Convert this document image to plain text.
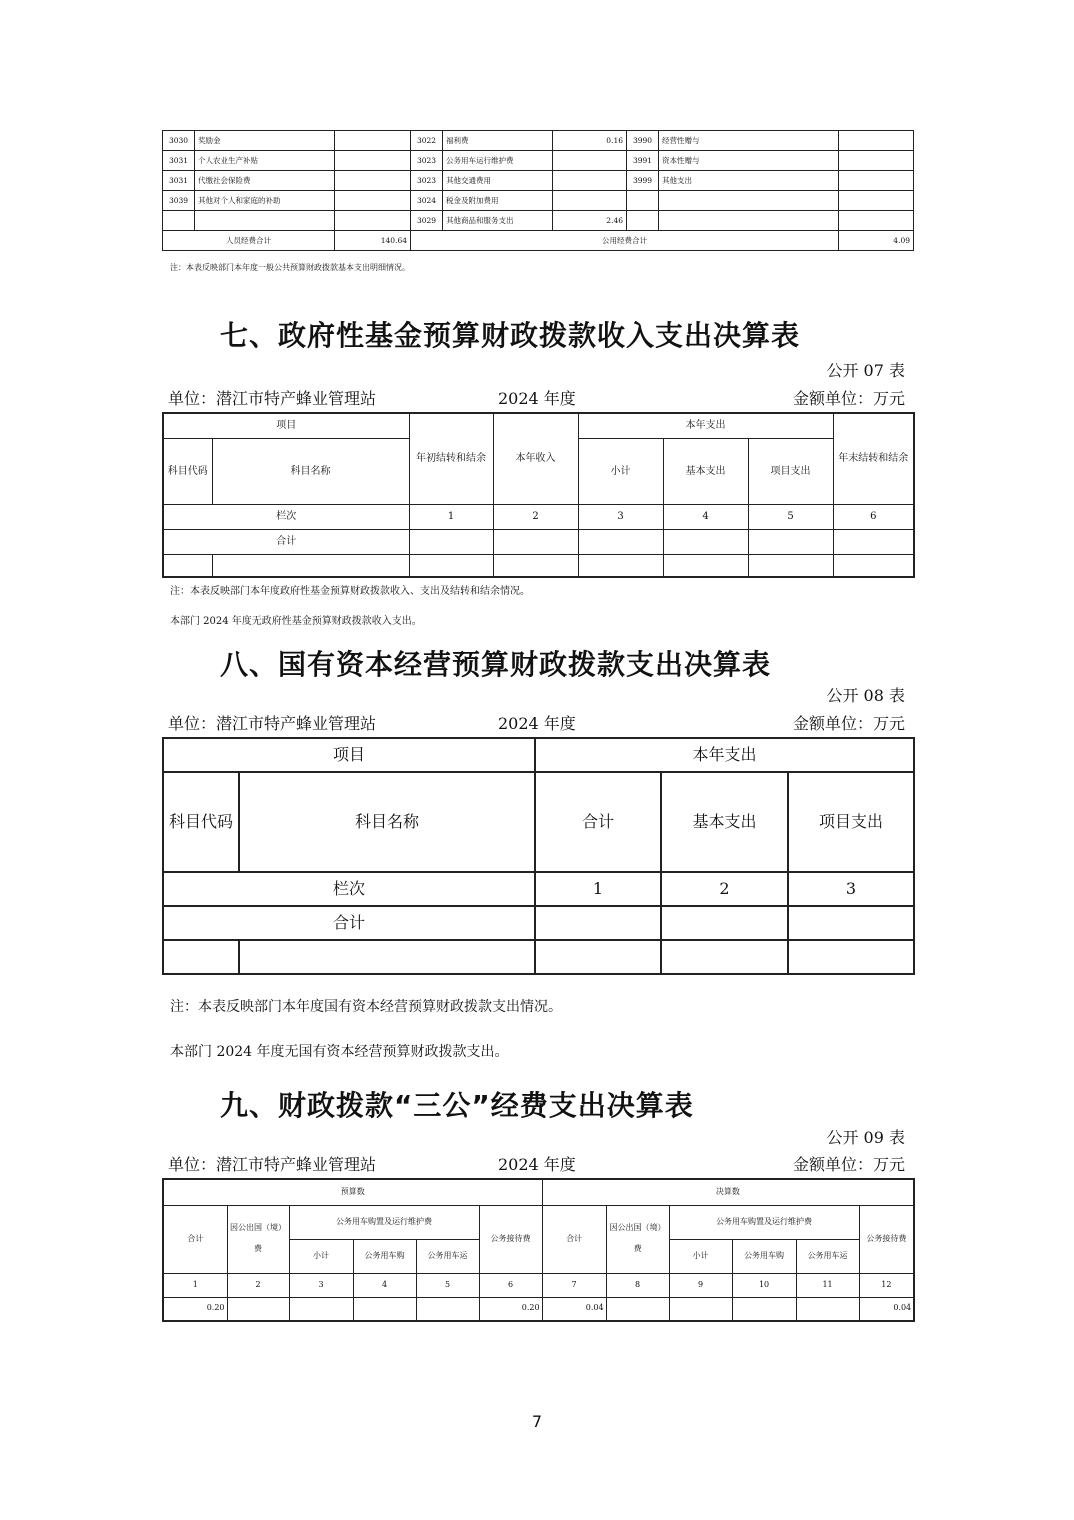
3030	奖励金		3022	福利费	0.16	3990	经营性赠与	
3031	个人农业生产补贴		3023	公务用车运行维护费		3991	资本性赠与	
3031	代缴社会保险费		3023	其他交通费用		3999	其他支出	
3039	其他对个人和家庭的补助		3024	税金及附加费用				
			3029	其他商品和服务支出	2.46			
人员经费合计		140.64	公用经费合计					4.09
注：本表反映部门本年度一般公共预算财政拨款基本支出明细情况。
七、政府性基金预算财政拨款收入支出决算表
公开 07 表
单位：潜江市特产蜂业管理站	2024 年度	金额单位：万元
项目		年初结转和结余	本年收入	本年支出			年末结转和结余
科目代码	科目名称			小计	基本支出	项目支出	
栏次		1	2	3	4	5	6
合计							

注：本表反映部门本年度政府性基金预算财政拨款收入、支出及结转和结余情况。
本部门 2024 年度无政府性基金预算财政拨款收入支出。
八、国有资本经营预算财政拨款支出决算表
公开 08 表
单位：潜江市特产蜂业管理站	2024 年度	金额单位：万元
项目		本年支出		
科目代码	科目名称	合计	基本支出	项目支出
栏次		1	2	3
合计				

注：本表反映部门本年度国有资本经营预算财政拨款支出情况。
本部门 2024 年度无国有资本经营预算财政拨款支出。
九、财政拨款“三公”经费支出决算表
公开 09 表
单位：潜江市特产蜂业管理站	2024 年度	金额单位：万元
预算数						决算数					
合计	因公出国（境）费	公务用车购置及运行维护费			公务接待费	合计	因公出国（境）费	公务用车购置及运行维护费			公务接待费
		小计	公务用车购	公务用车运				小计	公务用车购	公务用车运	
1	2	3	4	5	6	7	8	9	10	11	12
0.20					0.20	0.04					0.04
7
